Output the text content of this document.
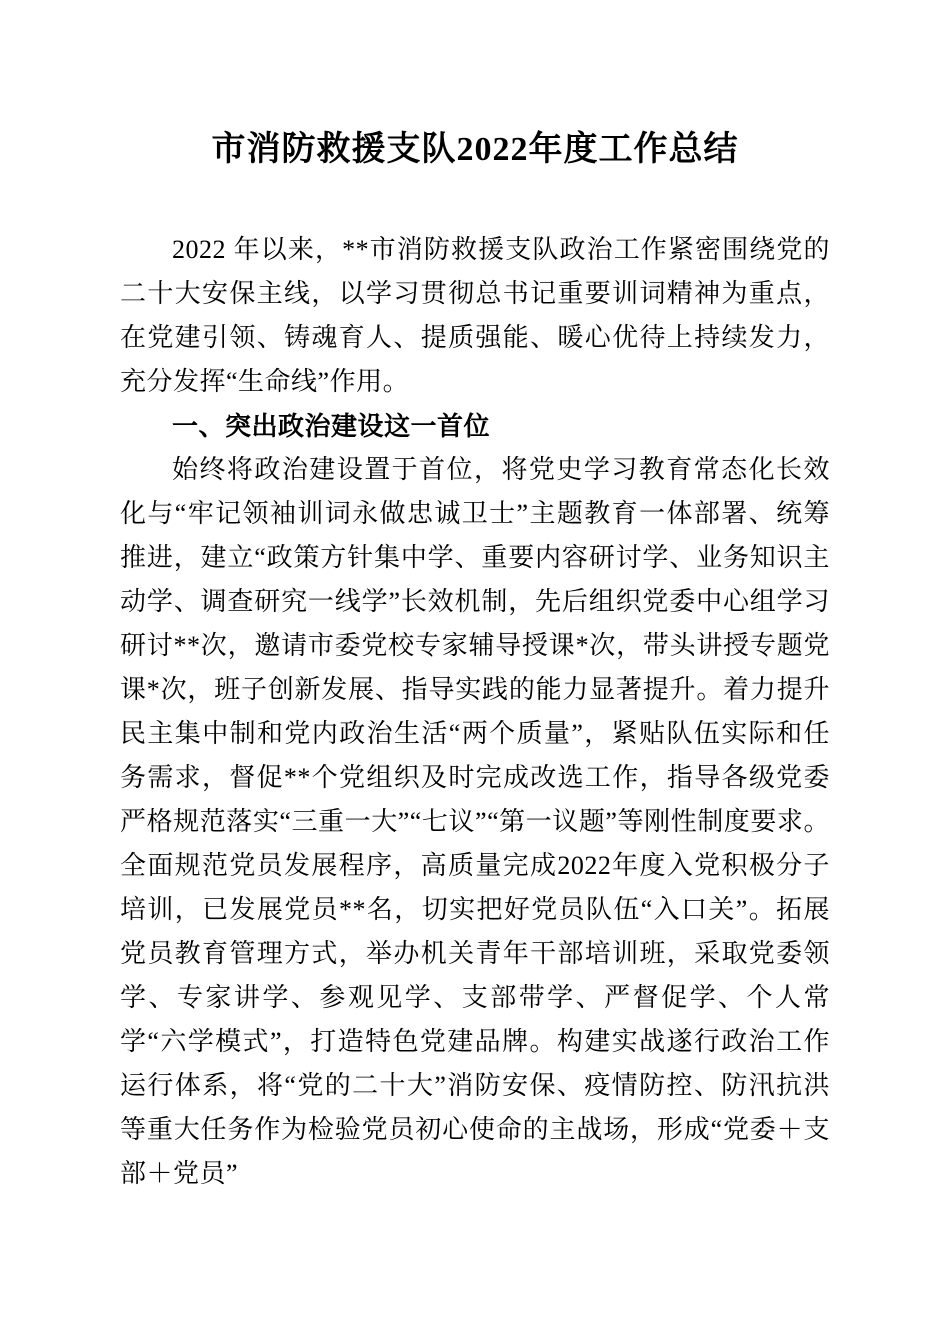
市消防救援支队2022年度工作总结

2022 年以来，**市消防救援支队政治工作紧密围绕党的二十大安保主线，以学习贯彻总书记重要训词精神为重点，在党建引领、铸魂育人、提质强能、暖心优待上持续发力，充分发挥“生命线”作用。

一、突出政治建设这一首位

始终将政治建设置于首位，将党史学习教育常态化长效化与“牢记领袖训词永做忠诚卫士”主题教育一体部署、统筹推进，建立“政策方针集中学、重要内容研讨学、业务知识主动学、调查研究一线学”长效机制，先后组织党委中心组学习研讨**次，邀请市委党校专家辅导授课*次，带头讲授专题党课*次，班子创新发展、指导实践的能力显著提升。着力提升民主集中制和党内政治生活“两个质量”，紧贴队伍实际和任务需求，督促**个党组织及时完成改选工作，指导各级党委严格规范落实“三重一大”“七议”“第一议题”等刚性制度要求。全面规范党员发展程序，高质量完成2022年度入党积极分子培训，已发展党员**名，切实把好党员队伍“入口关”。拓展党员教育管理方式，举办机关青年干部培训班，采取党委领学、专家讲学、参观见学、支部带学、严督促学、个人常学“六学模式”，打造特色党建品牌。构建实战遂行政治工作运行体系，将“党的二十大”消防安保、疫情防控、防汛抗洪等重大任务作为检验党员初心使命的主战场，形成“党委＋支部＋党员”
